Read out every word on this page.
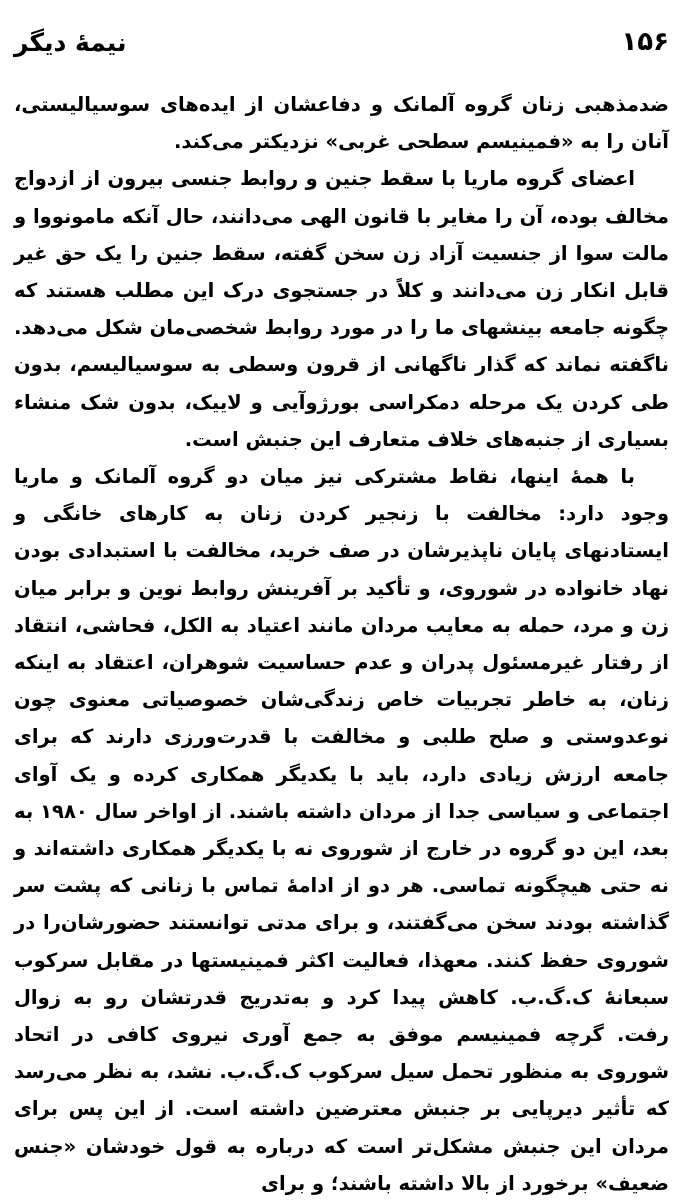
۱۵۶
نیمهٔ دیگر

ضدمذهبی زنان گروه آلمانک و دفاعشان از ایده‌های سوسیالیستی، آنان را به «فمینیسم سطحی غربی» نزدیکتر می‌کند.

اعضای گروه ماریا با سقط جنین و روابط جنسی بیرون از ازدواج مخالف بوده، آن را مغایر با قانون الهی می‌دانند، حال آنکه مامونووا و مالت سوا از جنسیت آزاد زن سخن گفته، سقط جنین را یک حق غیر قابل انکار زن می‌دانند و کلاً در جستجوی درک این مطلب هستند که چگونه جامعه بینشهای ما را در مورد روابط شخصی‌مان شکل می‌دهد. ناگفته نماند که گذار ناگهانی از قرون وسطی به سوسیالیسم، بدون طی کردن یک مرحله دمکراسی بورژوآیی و لاییک، بدون شک منشاء بسیاری از جنبه‌های خلاف متعارف این جنبش است.

با همهٔ اینها، نقاط مشترکی نیز میان دو گروه آلمانک و ماریا وجود دارد: مخالفت با زنجیر کردن زنان به کارهای خانگی و ایستادنهای پایان ناپذیرشان در صف خرید، مخالفت با استبدادی بودن نهاد خانواده در شوروی، و تأکید بر آفرینش روابط نوین و برابر میان زن و مرد، حمله به معایب مردان مانند اعتیاد به الکل، فحاشی، انتقاد از رفتار غیرمسئول پدران و عدم حساسیت شوهران، اعتقاد به اینکه زنان، به خاطر تجربیات خاص زندگی‌شان خصوصیاتی معنوی چون نوعدوستی و صلح طلبی و مخالفت با قدرت‌ورزی دارند که برای جامعه ارزش زیادی دارد، باید با یکدیگر همکاری کرده و یک آوای اجتماعی و سیاسی جدا از مردان داشته باشند. از اواخر سال ۱۹۸۰ به بعد، این دو گروه در خارج از شوروی نه با یکدیگر همکاری داشته‌اند و نه حتی هیچگونه تماسی. هر دو از ادامهٔ تماس با زنانی که پشت سر گذاشته بودند سخن می‌گفتند، و برای مدتی توانستند حضورشان‌را در شوروی حفظ کنند. معهذا، فعالیت اکثر فمینیستها در مقابل سرکوب سبعانهٔ ک.گ.ب. کاهش پیدا کرد و به‌تدریج قدرتشان رو به زوال رفت. گرچه فمینیسم موفق به جمع آوری نیروی کافی در اتحاد شوروی به منظور تحمل سیل سرکوب ک.گ.ب. نشد، به نظر می‌رسد که تأثیر دیرپایی بر جنبش معترضین داشته است. از این پس برای مردان این جنبش مشکل‌تر است که درباره به قول خودشان «جنس ضعیف» برخورد از بالا داشته باشند؛ و برای
